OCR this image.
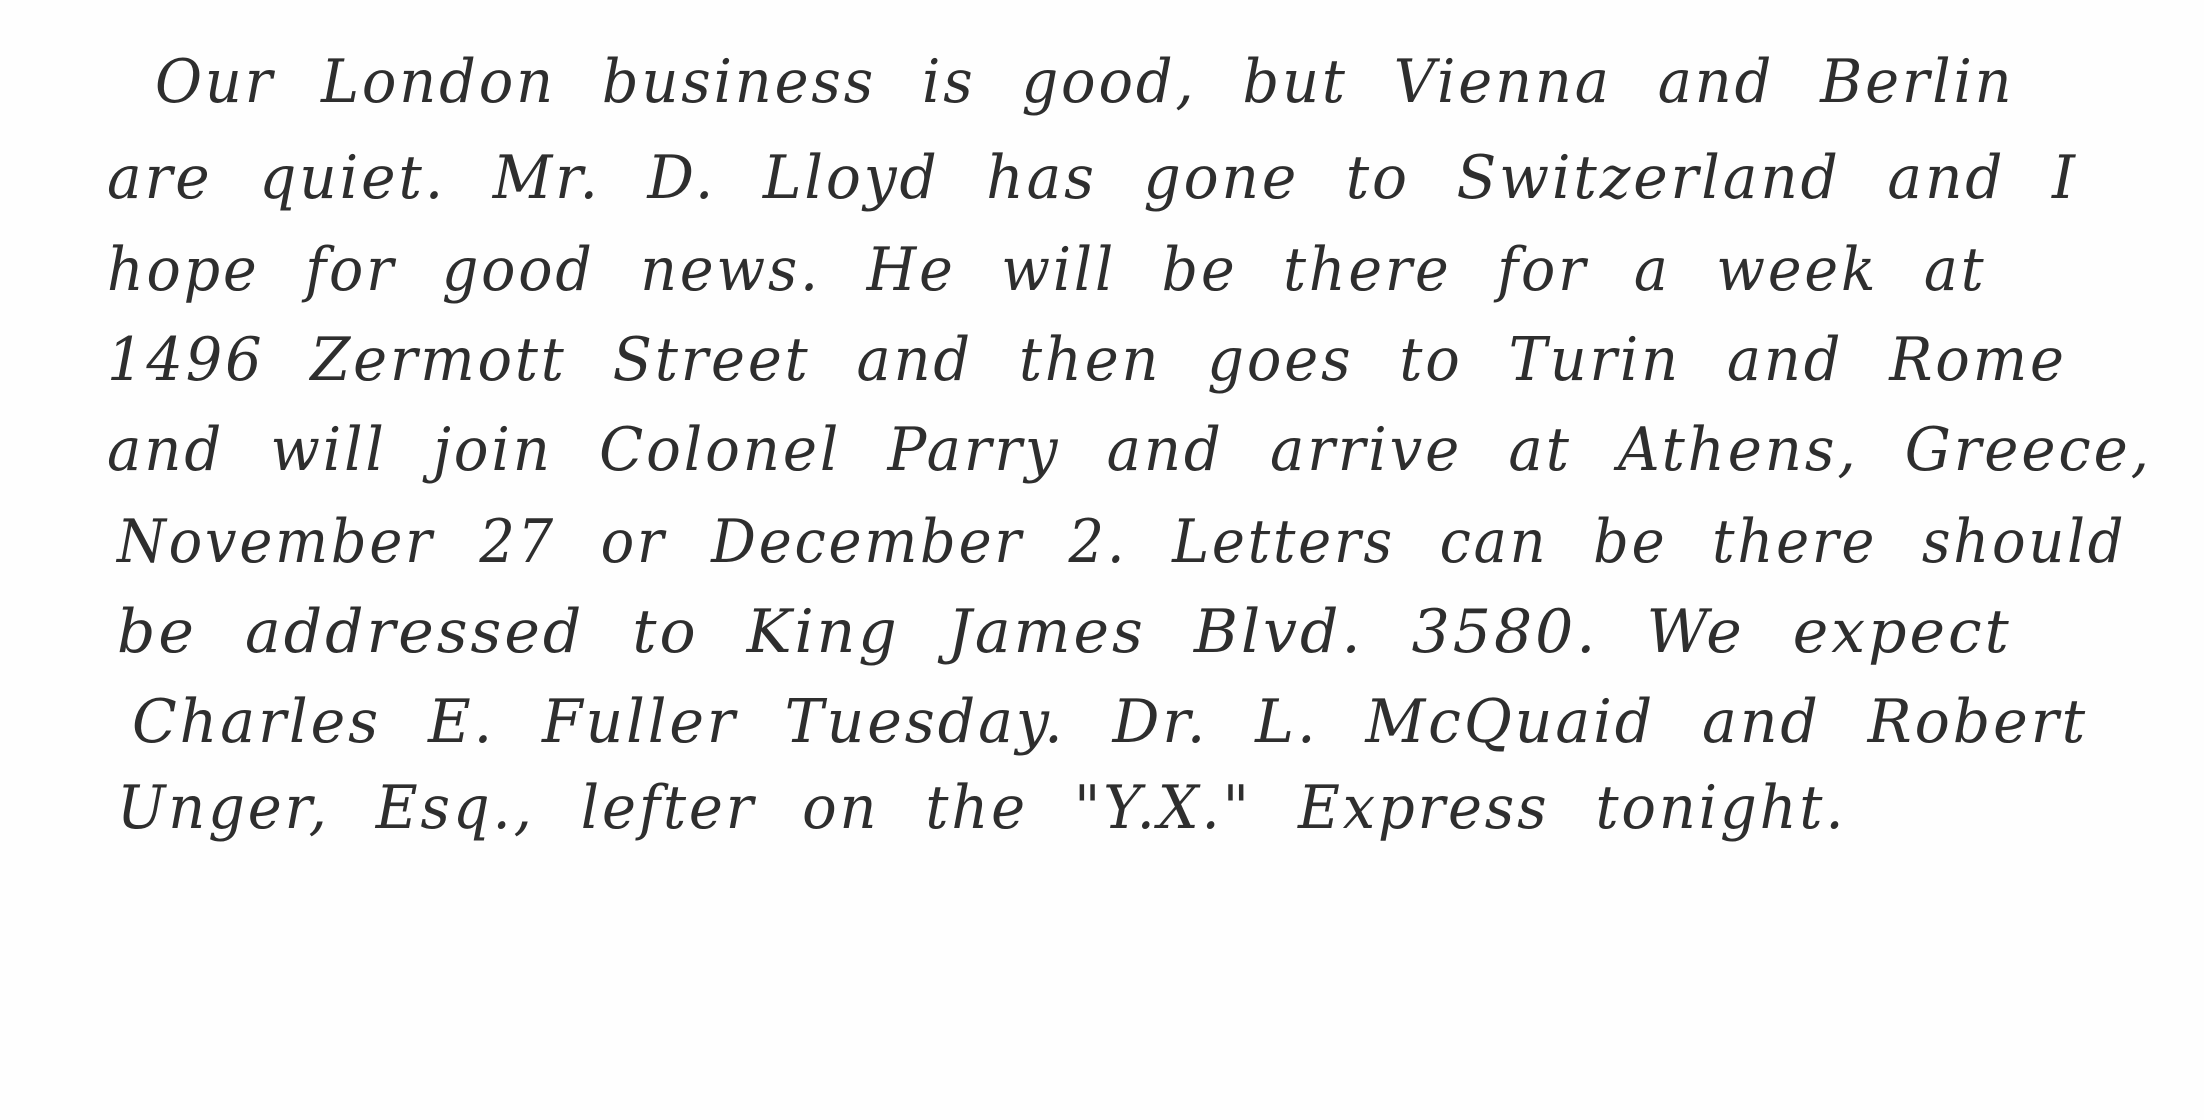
Our London business is good, but Vienna and Berlin
are quiet. Mr. D. Lloyd has gone to Switzerland and I
hope for good news. He will be there for a week at
1496 Zermott Street and then goes to Turin and Rome
and will join Colonel Parry and arrive at Athens, Greece,
November 27 or December 2. Letters can be there should
be addressed to King James Blvd. 3580. We expect
Charles E. Fuller Tuesday. Dr. L. McQuaid and Robert
Unger, Esq., lefter on the "Y.X." Express tonight.
